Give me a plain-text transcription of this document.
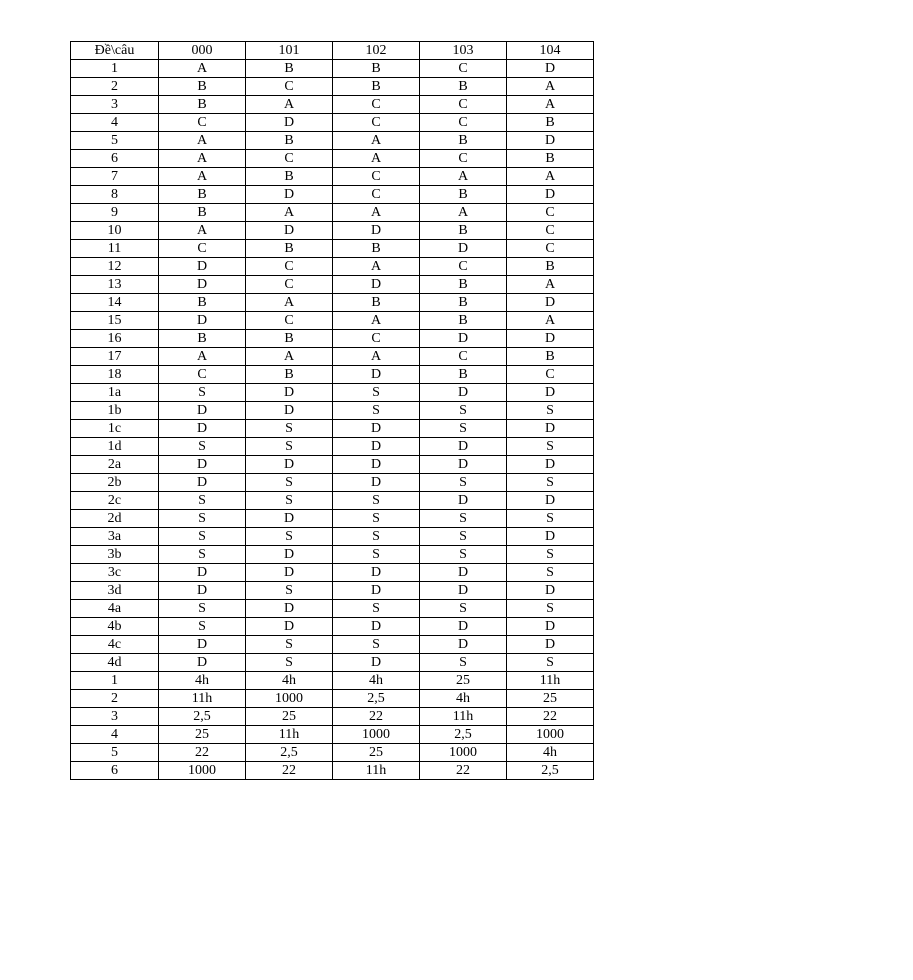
Đề\câu	000	101	102	103	104
1	A	B	B	C	D
2	B	C	B	B	A
3	B	A	C	C	A
4	C	D	C	C	B
5	A	B	A	B	D
6	A	C	A	C	B
7	A	B	C	A	A
8	B	D	C	B	D
9	B	A	A	A	C
10	A	D	D	B	C
11	C	B	B	D	C
12	D	C	A	C	B
13	D	C	D	B	A
14	B	A	B	B	D
15	D	C	A	B	A
16	B	B	C	D	D
17	A	A	A	C	B
18	C	B	D	B	C
1a	S	D	S	D	D
1b	D	D	S	S	S
1c	D	S	D	S	D
1d	S	S	D	D	S
2a	D	D	D	D	D
2b	D	S	D	S	S
2c	S	S	S	D	D
2d	S	D	S	S	S
3a	S	S	S	S	D
3b	S	D	S	S	S
3c	D	D	D	D	S
3d	D	S	D	D	D
4a	S	D	S	S	S
4b	S	D	D	D	D
4c	D	S	S	D	D
4d	D	S	D	S	S
1	4h	4h	4h	25	11h
2	11h	1000	2,5	4h	25
3	2,5	25	22	11h	22
4	25	11h	1000	2,5	1000
5	22	2,5	25	1000	4h
6	1000	22	11h	22	2,5
